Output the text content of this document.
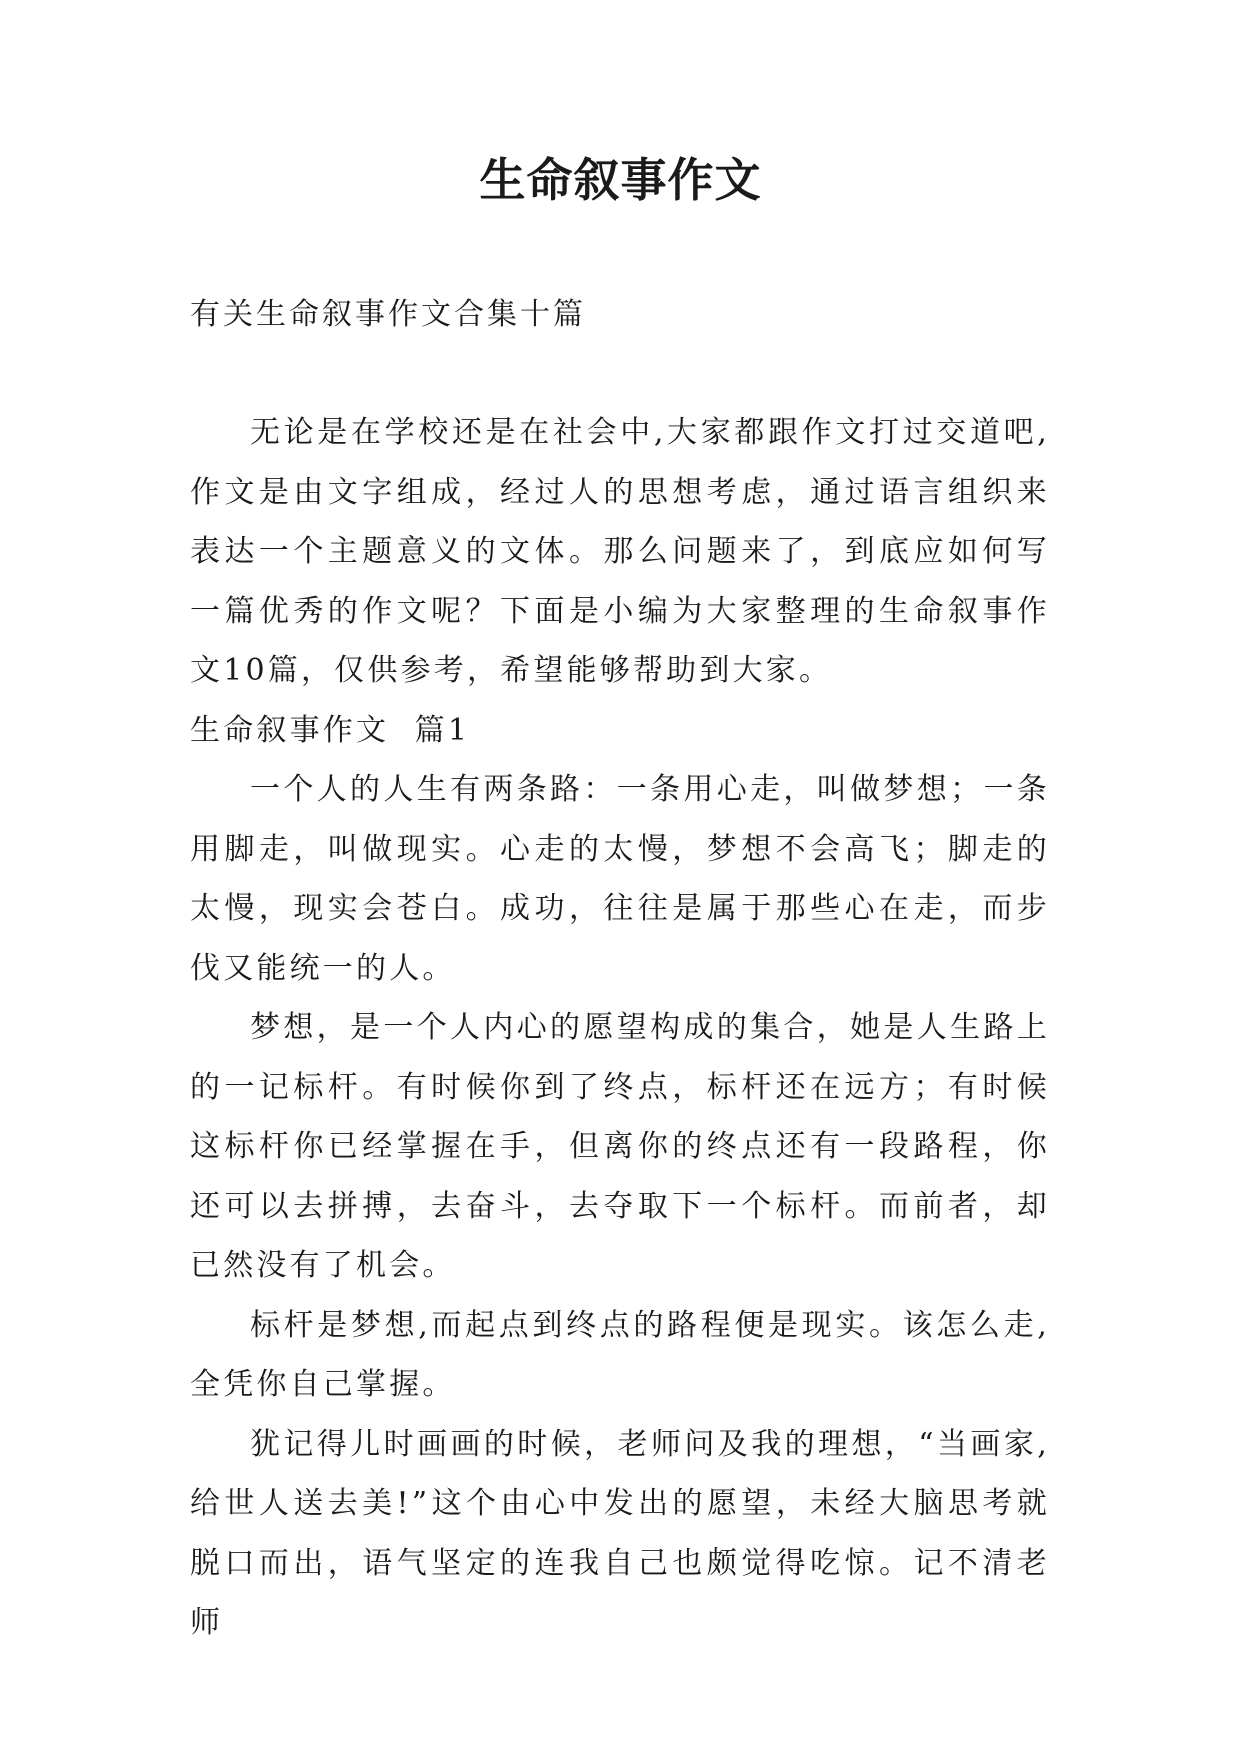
生命叙事作文

有关生命叙事作文合集十篇

无论是在学校还是在社会中,大家都跟作文打过交道吧,作文是由文字组成，经过人的思想考虑，通过语言组织来表达一个主题意义的文体。那么问题来了，到底应如何写一篇优秀的作文呢？下面是小编为大家整理的生命叙事作文10篇，仅供参考，希望能够帮助到大家。

生命叙事作文  篇1

一个人的人生有两条路：一条用心走，叫做梦想；一条用脚走，叫做现实。心走的太慢，梦想不会高飞；脚走的太慢，现实会苍白。成功，往往是属于那些心在走，而步伐又能统一的人。

梦想，是一个人内心的愿望构成的集合，她是人生路上的一记标杆。有时候你到了终点，标杆还在远方；有时候这标杆你已经掌握在手，但离你的终点还有一段路程，你还可以去拼搏，去奋斗，去夺取下一个标杆。而前者，却已然没有了机会。

标杆是梦想,而起点到终点的路程便是现实。该怎么走,全凭你自己掌握。

犹记得儿时画画的时候，老师问及我的理想，“当画家,给世人送去美!”这个由心中发出的愿望，未经大脑思考就脱口而出，语气坚定的连我自己也颇觉得吃惊。记不清老师
